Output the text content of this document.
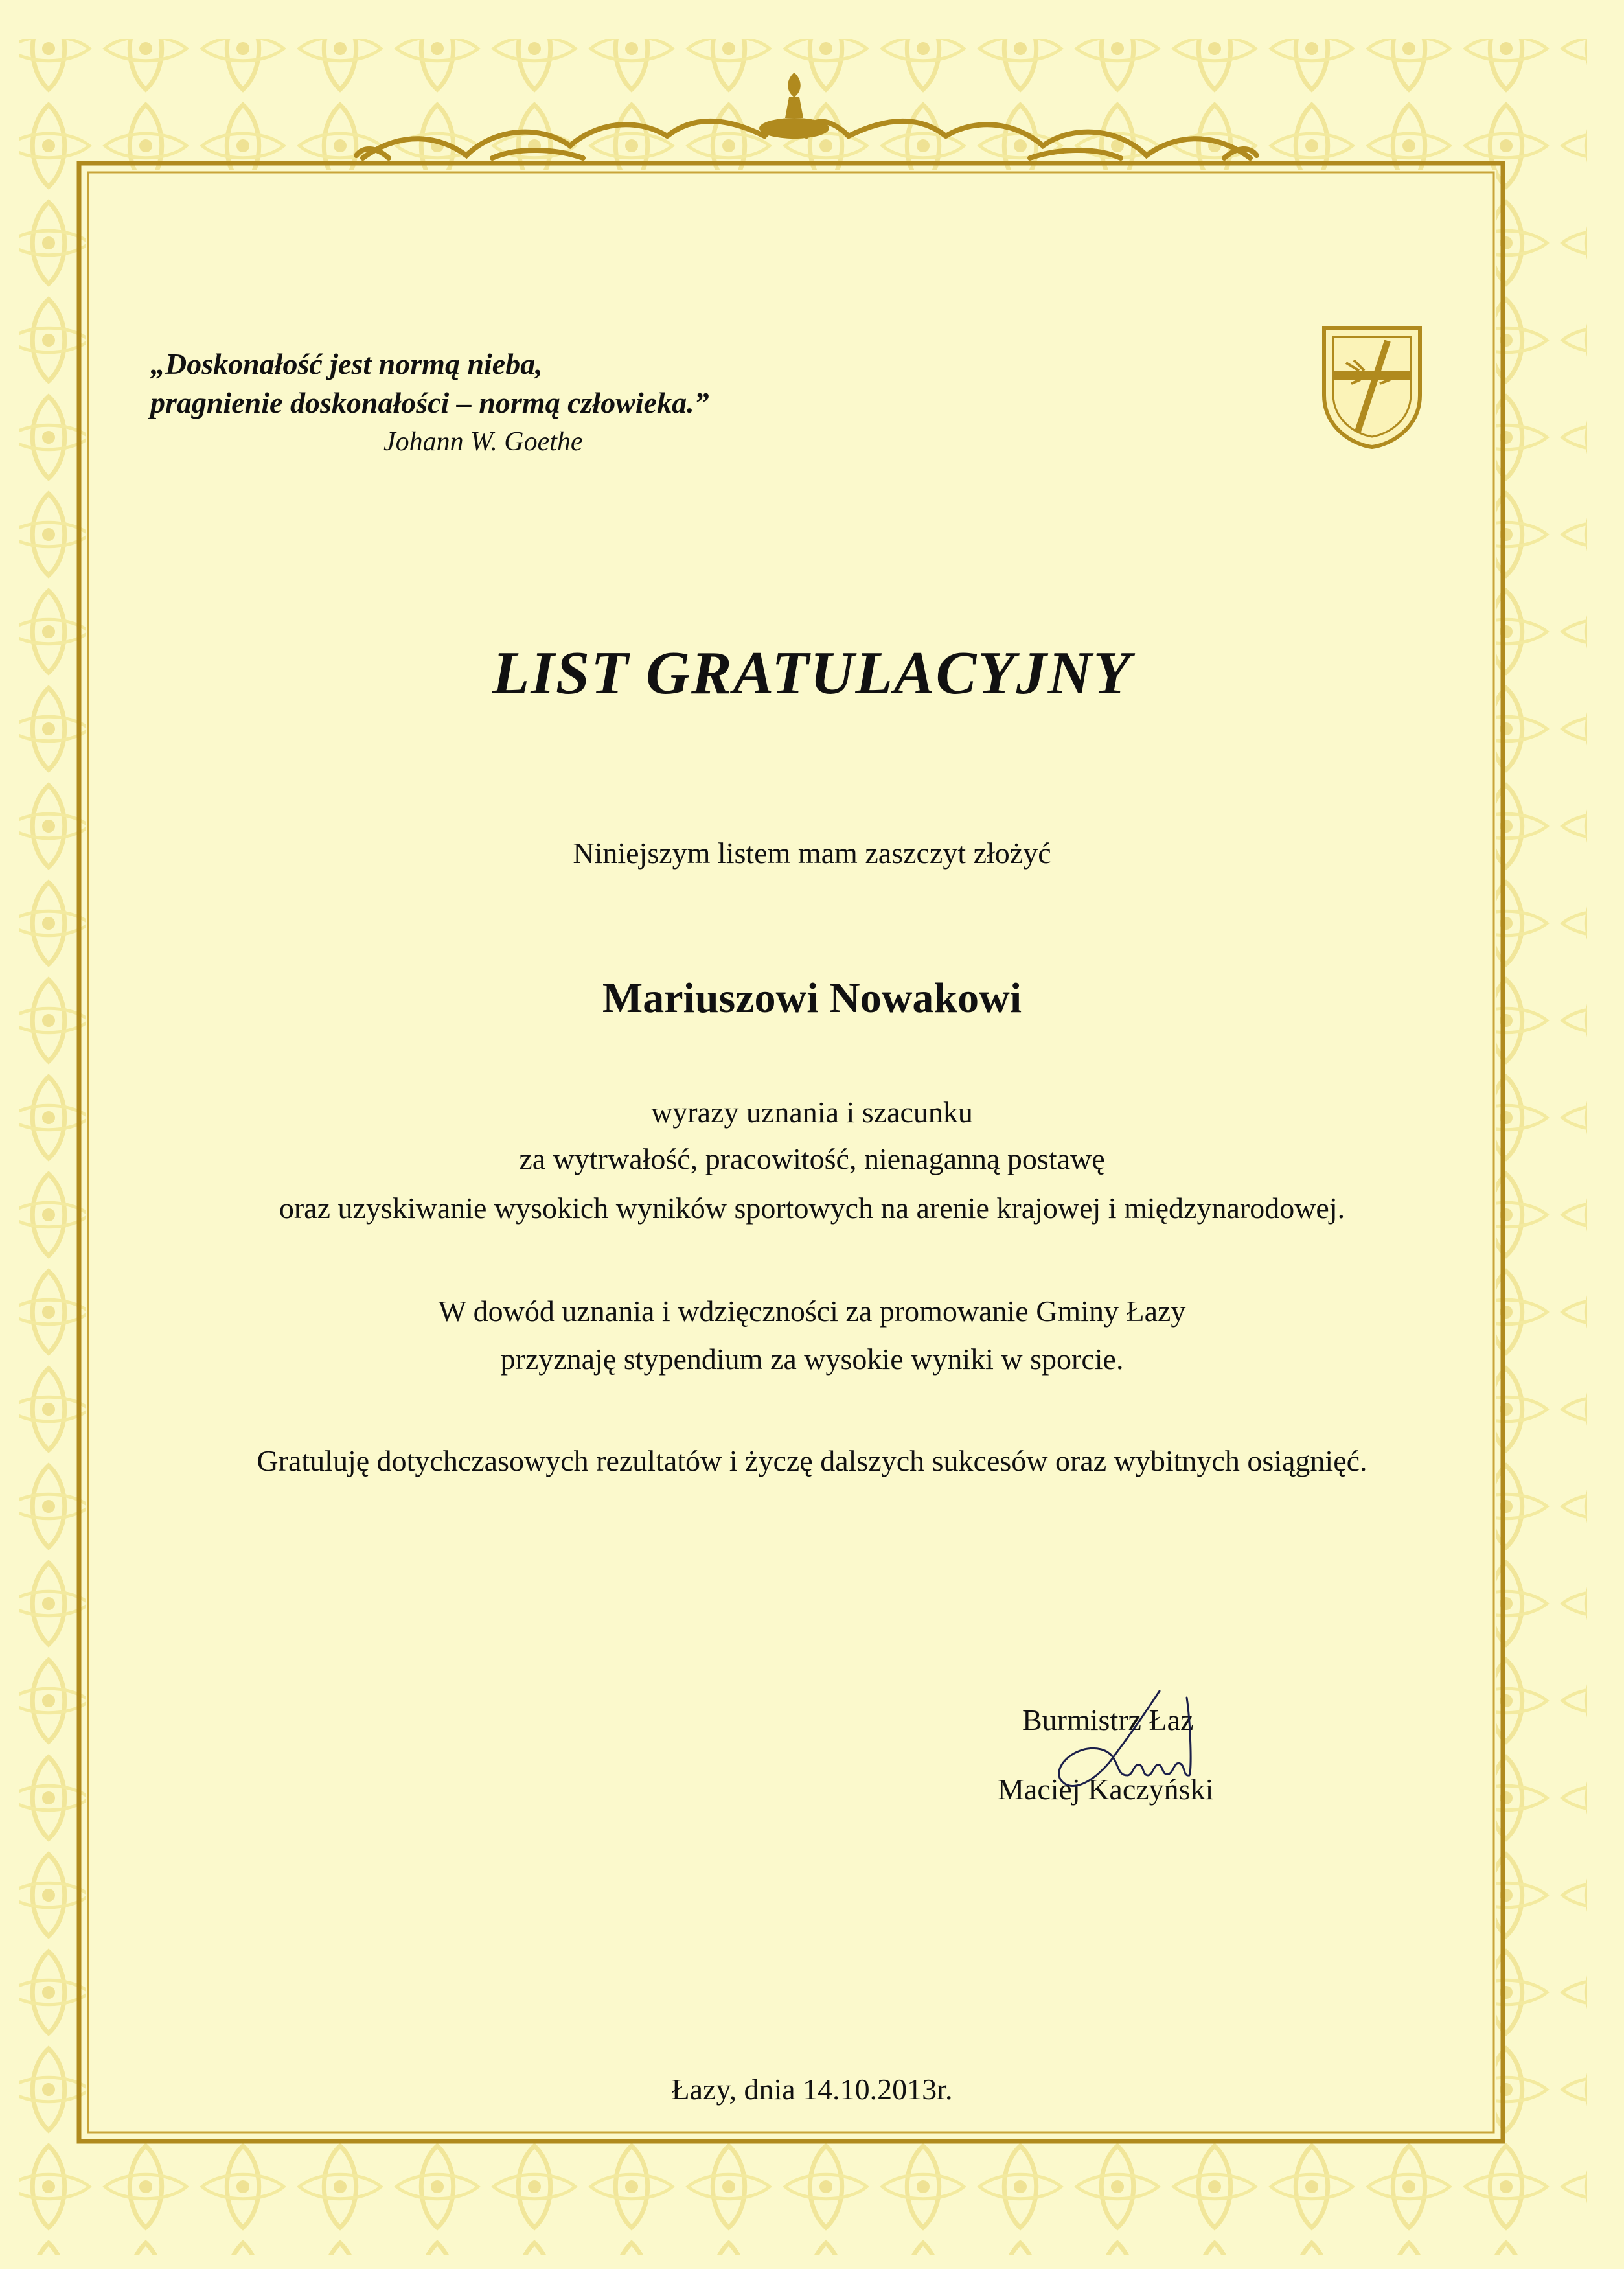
„Doskonałość jest normą nieba,
pragnienie doskonałości – normą człowieka.”
Johann W. Goethe
LIST GRATULACYJNY
Niniejszym listem mam zaszczyt złożyć
Mariuszowi Nowakowi
wyrazy uznania i szacunku
za wytrwałość, pracowitość, nienaganną postawę
oraz uzyskiwanie wysokich wyników sportowych na arenie krajowej i międzynarodowej.
W dowód uznania i wdzięczności za promowanie Gminy Łazy
przyznaję stypendium za wysokie wyniki w sporcie.
Gratuluję dotychczasowych rezultatów i życzę dalszych sukcesów oraz wybitnych osiągnięć.
Burmistrz Łaz
Maciej Kaczyński
Łazy, dnia 14.10.2013r.
